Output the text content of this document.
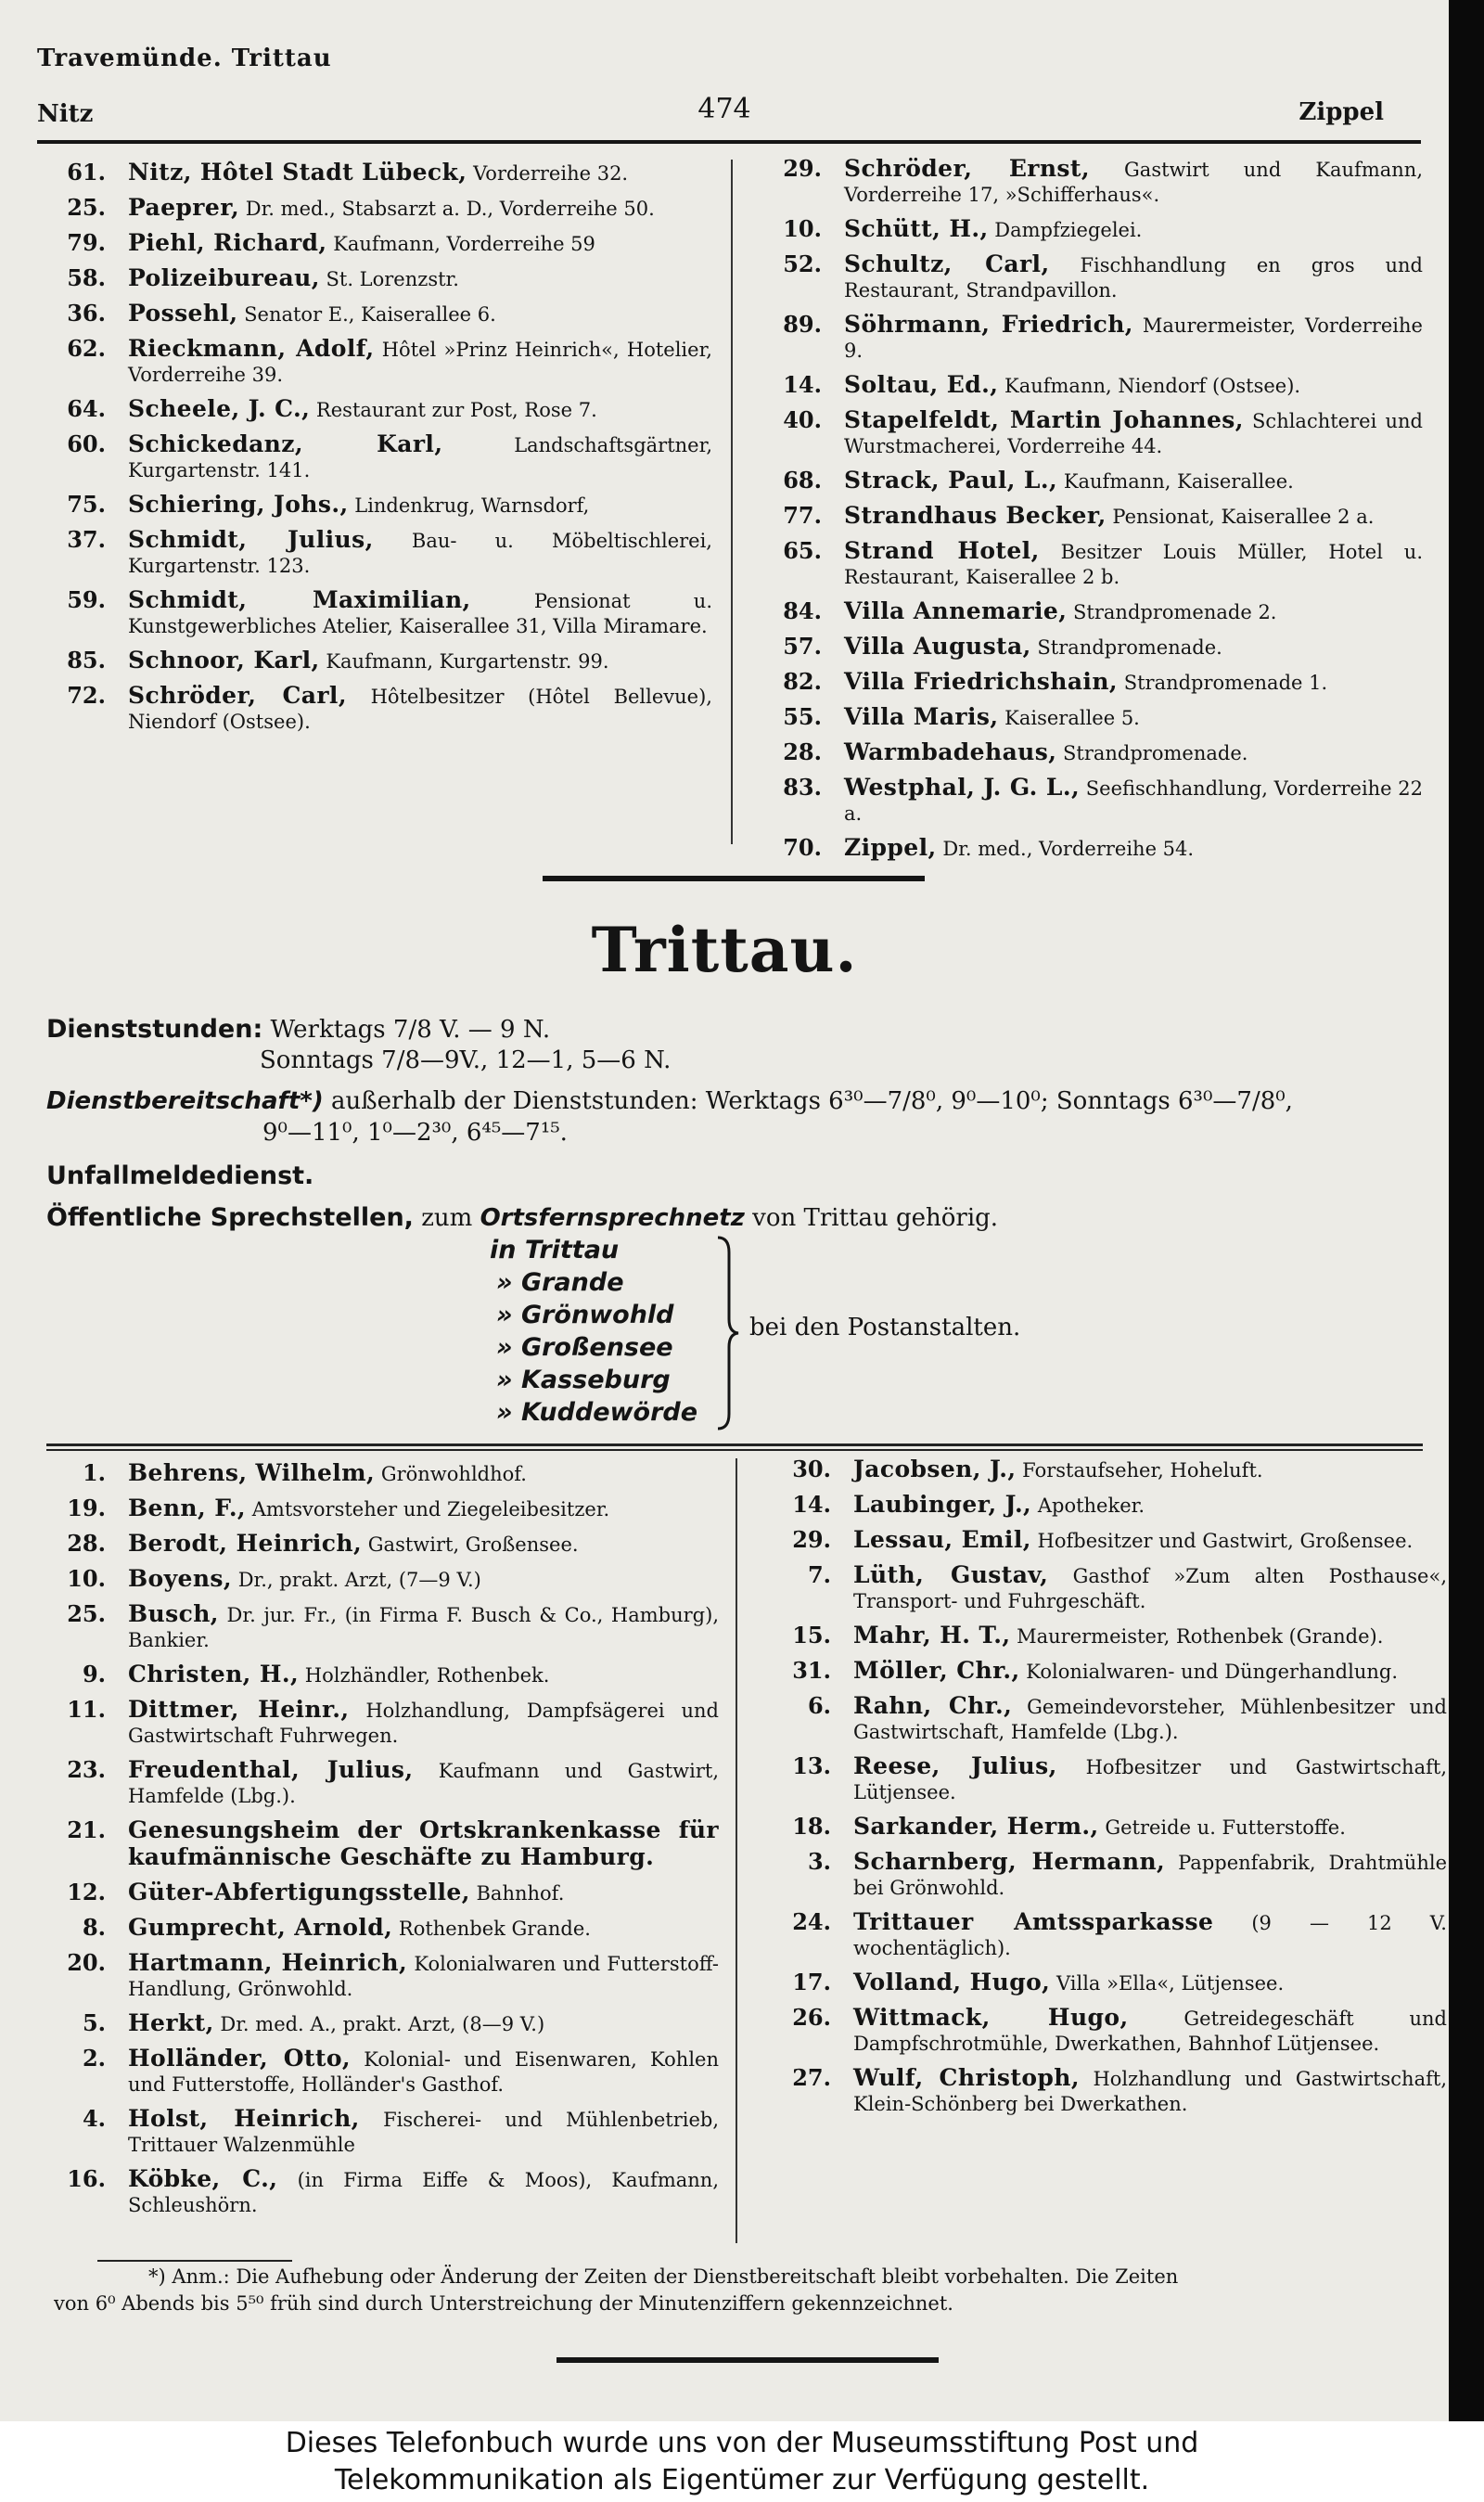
Travemünde. Trittau
Nitz	474	Zippel
61. Nitz, Hôtel Stadt Lübeck, Vorderreihe 32.
25. Paeprer, Dr. med., Stabsarzt a. D., Vorderreihe 50.
79. Piehl, Richard, Kaufmann, Vorderreihe 59
58. Polizeibureau, St. Lorenzstr.
36. Possehl, Senator E., Kaiserallee 6.
62. Rieckmann, Adolf, Hôtel »Prinz Heinrich«, Hotelier, Vorderreihe 39.
64. Scheele, J. C., Restaurant zur Post, Rose 7.
60. Schickedanz, Karl,	Landschaftsgärtner, Kurgartenstr. 141.
75. Schiering, Johs., Lindenkrug, Warnsdorf,
37. Schmidt, Julius, Bau- u. Möbeltischlerei, Kurgartenstr. 123.
59. Schmidt, Maximilian,	Pensionat u. Kunstgewerbliches Atelier, Kaiserallee 31, Villa Miramare.
85. Schnoor, Karl, Kaufmann, Kurgartenstr. 99.
72. Schröder, Carl, Hôtelbesitzer (Hôtel Bellevue), Niendorf (Ostsee).
29. Schröder, Ernst, Gastwirt und Kaufmann, Vorderreihe 17, »Schifferhaus«.
10. Schütt, H., Dampfziegelei.
52. Schultz, Carl, Fischhandlung en gros und Restaurant, Strandpavillon.
89. Söhrmann, Friedrich, Maurermeister, Vorderreihe 9.
14. Soltau, Ed., Kaufmann, Niendorf (Ostsee).
40. Stapelfeldt, Martin Johannes, Schlachterei und Wurstmacherei, Vorderreihe 44.
68. Strack, Paul, L., Kaufmann, Kaiserallee.
77. Strandhaus Becker, Pensionat, Kaiserallee 2 a.
65. Strand Hotel, Besitzer Louis Müller, Hotel u. Restaurant, Kaiserallee 2 b.
84. Villa Annemarie, Strandpromenade 2.
57. Villa Augusta, Strandpromenade.
82. Villa Friedrichshain, Strandpromenade 1.
55. Villa Maris, Kaiserallee 5.
28. Warmbadehaus, Strandpromenade.
83. Westphal, J. G. L., Seefischhandlung, Vorderreihe 22 a.
70. Zippel, Dr. med., Vorderreihe 54.
Trittau.
Dienststunden: Werktags 7/8 V. — 9 N.
Sonntags 7/8—9V., 12—1, 5—6 N.
Dienstbereitschaft*) außerhalb der Dienststunden: Werktags 6³⁰—7/8⁰, 9⁰—10⁰; Sonntags 6³⁰—7/8⁰,
9⁰—11⁰, 1⁰—2³⁰, 6⁴⁵—7¹⁵.
Unfallmeldedienst.
Öffentliche Sprechstellen, zum Ortsfernsprechnetz von Trittau gehörig.
in Trittau
» Grande
» Grönwohld
» Großensee
» Kasseburg
» Kuddewörde
bei den Postanstalten.
1. Behrens, Wilhelm, Grönwohldhof.
19. Benn, F., Amtsvorsteher und Ziegeleibesitzer.
28. Berodt, Heinrich, Gastwirt, Großensee.
10. Boyens, Dr., prakt. Arzt, (7—9 V.)
25. Busch, Dr. jur. Fr., (in Firma F. Busch & Co., Hamburg), Bankier.
9. Christen, H., Holzhändler, Rothenbek.
11. Dittmer, Heinr., Holzhandlung, Dampfsägerei und Gastwirtschaft Fuhrwegen.
23. Freudenthal, Julius, Kaufmann und Gastwirt, Hamfelde (Lbg.).
21. Genesungsheim der Ortskrankenkasse für kaufmännische Geschäfte zu Hamburg.
12. Güter-Abfertigungsstelle, Bahnhof.
8. Gumprecht, Arnold, Rothenbek Grande.
20. Hartmann, Heinrich, Kolonialwaren und Futterstoff-Handlung, Grönwohld.
5. Herkt, Dr. med. A., prakt. Arzt, (8—9 V.)
2. Holländer, Otto, Kolonial- und Eisenwaren, Kohlen und Futterstoffe, Holländer's Gasthof.
4. Holst, Heinrich, Fischerei- und Mühlenbetrieb, Trittauer Walzenmühle
16. Köbke, C., (in Firma Eiffe & Moos), Kaufmann, Schleushörn.
30. Jacobsen, J., Forstaufseher, Hoheluft.
14. Laubinger, J., Apotheker.
29. Lessau, Emil, Hofbesitzer und Gastwirt, Großensee.
7. Lüth, Gustav, Gasthof »Zum alten Posthause«, Transport- und Fuhrgeschäft.
15. Mahr, H. T., Maurermeister, Rothenbek (Grande).
31. Möller, Chr., Kolonialwaren- und Düngerhandlung.
6. Rahn, Chr., Gemeindevorsteher, Mühlenbesitzer und Gastwirtschaft, Hamfelde (Lbg.).
13. Reese, Julius, Hofbesitzer und Gastwirtschaft, Lütjensee.
18. Sarkander, Herm., Getreide u. Futterstoffe.
3. Scharnberg, Hermann, Pappenfabrik, Drahtmühle bei Grönwohld.
24. Trittauer Amtssparkasse (9 — 12 V. wochentäglich).
17. Volland, Hugo, Villa »Ella«, Lütjensee.
26. Wittmack, Hugo,	Getreidegeschäft und Dampfschrotmühle, Dwerkathen, Bahnhof Lütjensee.
27. Wulf, Christoph, Holzhandlung und Gastwirtschaft, Klein-Schönberg bei Dwerkathen.
*) Anm.: Die Aufhebung oder Änderung der Zeiten der Dienstbereitschaft bleibt vorbehalten. Die Zeiten
von 6⁰ Abends bis 5⁵⁰ früh sind durch Unterstreichung der Minutenziffern gekennzeichnet.
Dieses Telefonbuch wurde uns von der Museumsstiftung Post und
Telekommunikation als Eigentümer zur Verfügung gestellt.
